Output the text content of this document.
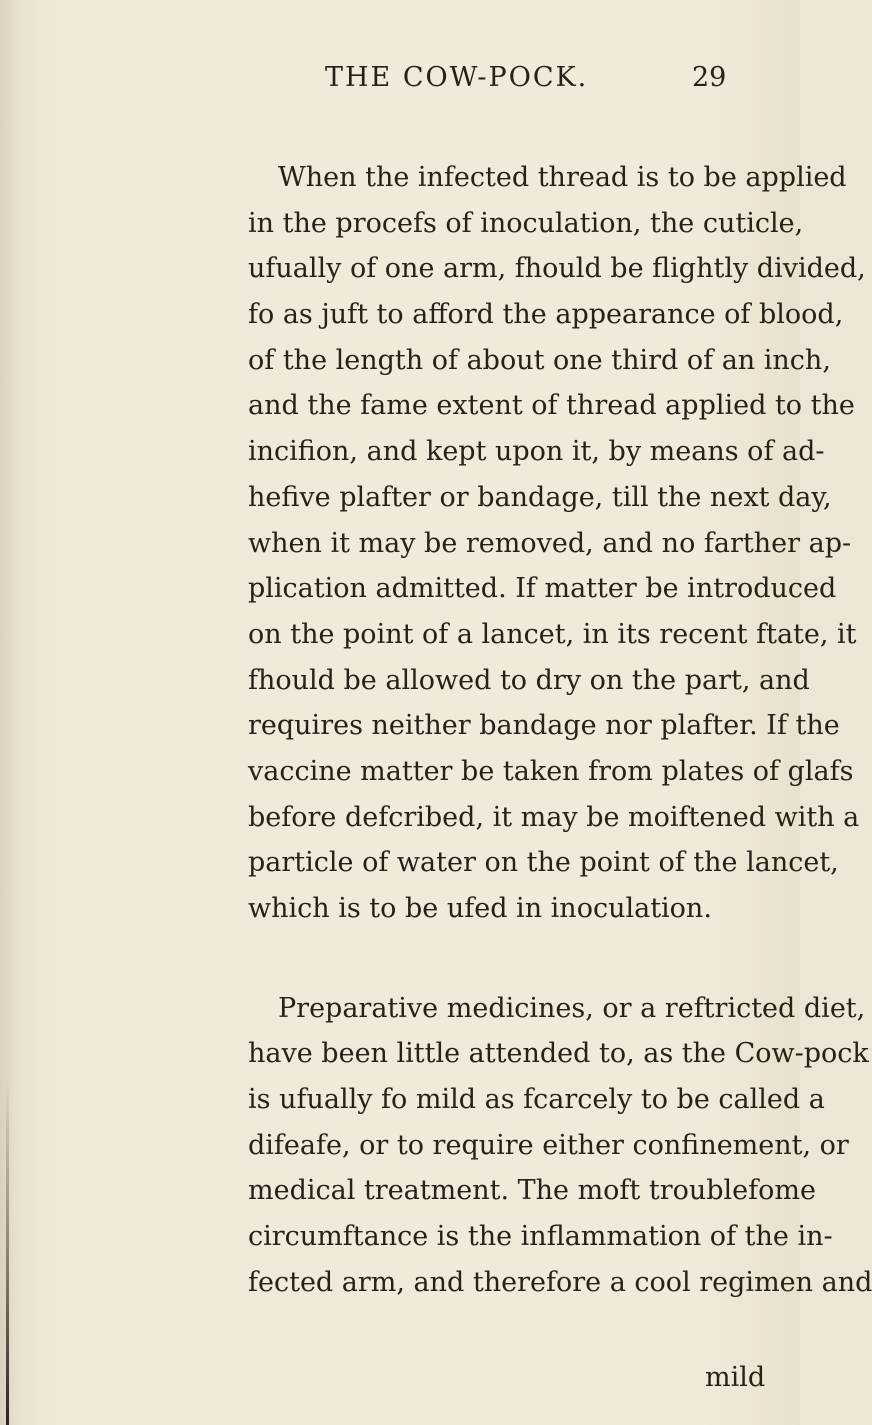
THE COW-POCK.	29

When the infected thread is to be applied
in the procefs of inoculation, the cuticle,
ufually of one arm, fhould be flightly divided,
fo as juft to afford the appearance of blood,
of the length of about one third of an inch,
and the fame extent of thread applied to the
incifion, and kept upon it, by means of ad-
hefive plafter or bandage, till the next day,
when it may be removed, and no farther ap-
plication admitted. If matter be introduced
on the point of a lancet, in its recent ftate, it
fhould be allowed to dry on the part, and
requires neither bandage nor plafter. If the
vaccine matter be taken from plates of glafs
before defcribed, it may be moiftened with a
particle of water on the point of the lancet,
which is to be ufed in inoculation.

Preparative medicines, or a reftricted diet,
have been little attended to, as the Cow-pock
is ufually fo mild as fcarcely to be called a
difeafe, or to require either confinement, or
medical treatment. The moft troublefome
circumftance is the inflammation of the in-
fected arm, and therefore a cool regimen and

mild
